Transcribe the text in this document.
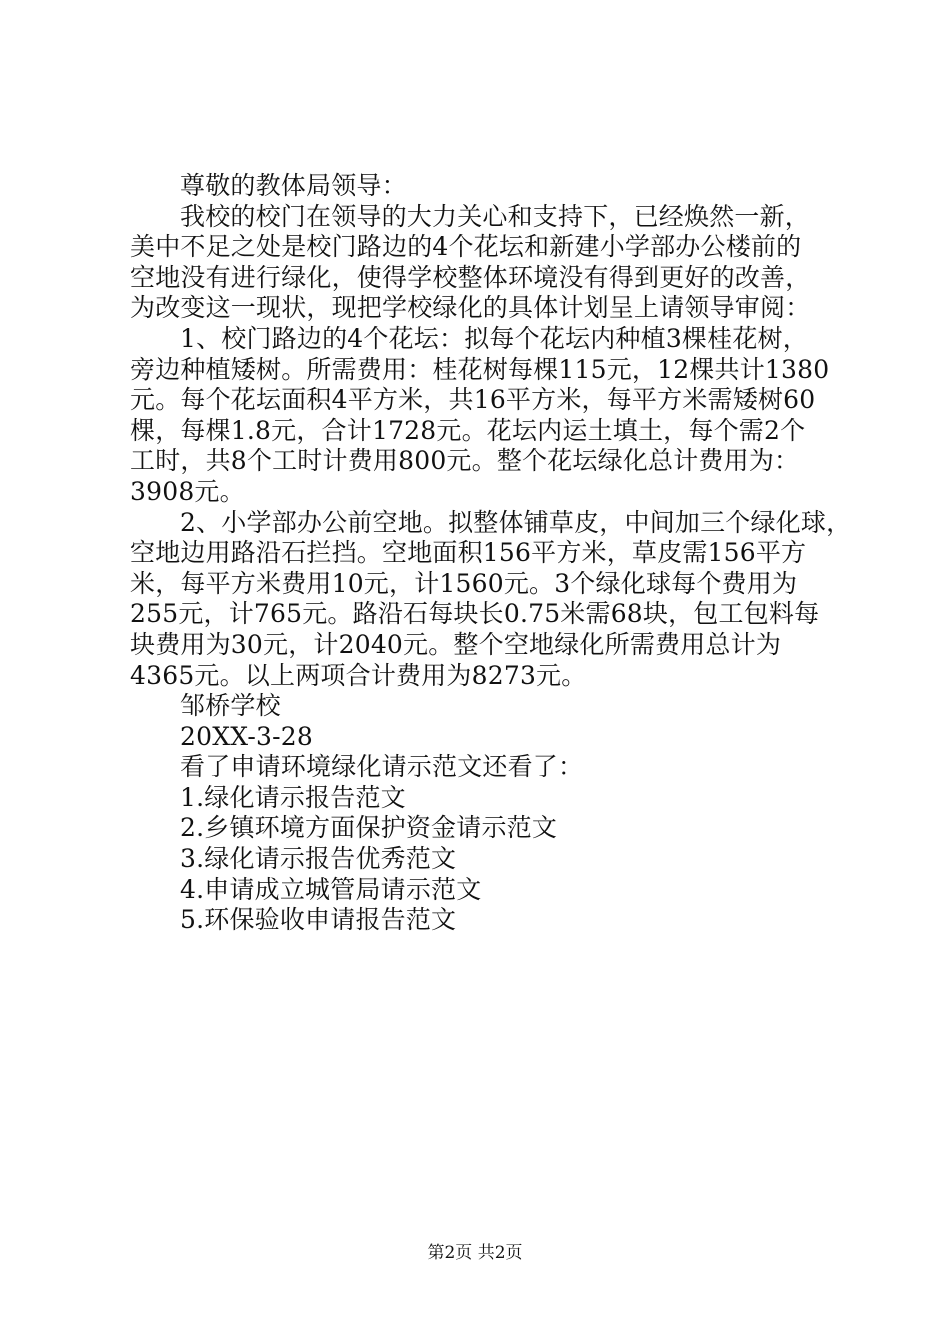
尊敬的教体局领导：

我校的校门在领导的大力关心和支持下，已经焕然一新，

美中不足之处是校门路边的4个花坛和新建小学部办公楼前的

空地没有进行绿化，使得学校整体环境没有得到更好的改善，

为改变这一现状，现把学校绿化的具体计划呈上请领导审阅：

1、校门路边的4个花坛：拟每个花坛内种植3棵桂花树，

旁边种植矮树。所需费用：桂花树每棵115元，12棵共计1380

元。每个花坛面积4平方米，共16平方米，每平方米需矮树60

棵，每棵1.8元，合计1728元。花坛内运土填土，每个需2个

工时，共8个工时计费用800元。整个花坛绿化总计费用为：

3908元。

2、小学部办公前空地。拟整体铺草皮，中间加三个绿化球，

空地边用路沿石拦挡。空地面积156平方米，草皮需156平方

米，每平方米费用10元，计1560元。3个绿化球每个费用为

255元，计765元。路沿石每块长0.75米需68块，包工包料每

块费用为30元，计2040元。整个空地绿化所需费用总计为

4365元。以上两项合计费用为8273元。

邹桥学校

20XX-3-28

看了申请环境绿化请示范文还看了：

1.绿化请示报告范文

2.乡镇环境方面保护资金请示范文

3.绿化请示报告优秀范文

4.申请成立城管局请示范文

5.环保验收申请报告范文

第2页 共2页
